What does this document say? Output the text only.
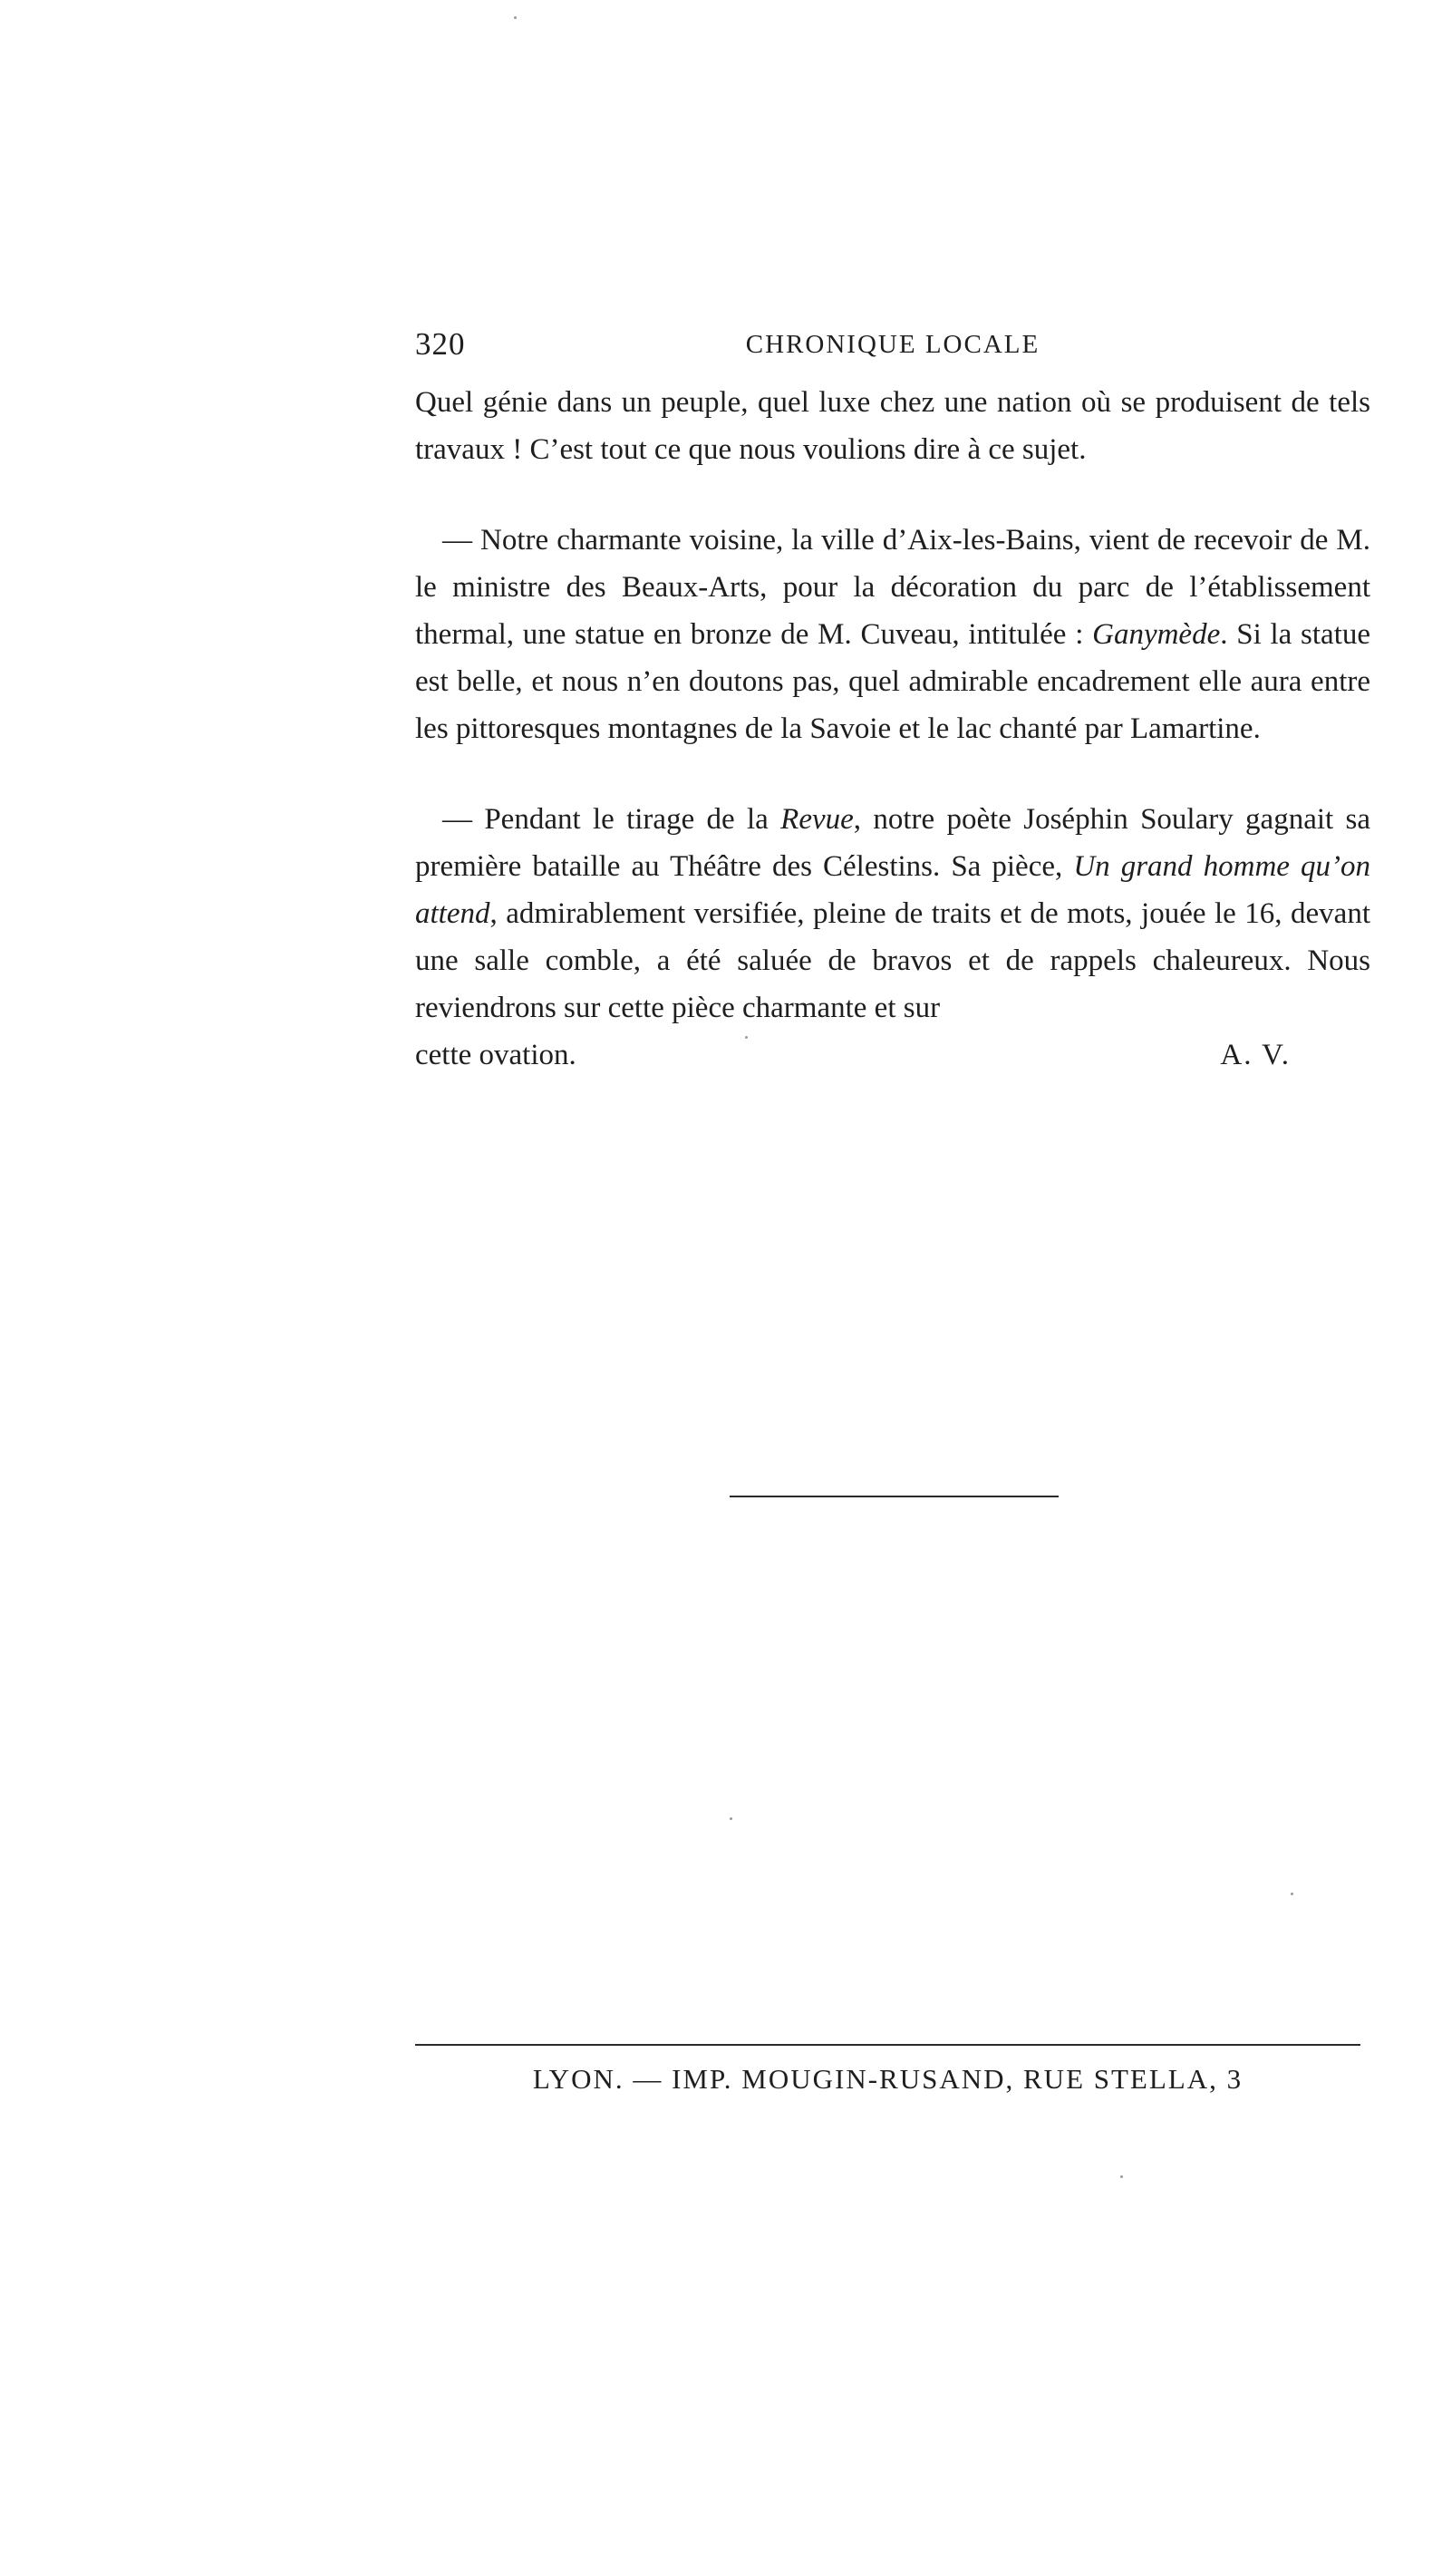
320	CHRONIQUE LOCALE

Quel génie dans un peuple, quel luxe chez une nation où se produisent de tels travaux ! C’est tout ce que nous voulions dire à ce sujet.

— Notre charmante voisine, la ville d’Aix-les-Bains, vient de recevoir de M. le ministre des Beaux-Arts, pour la décoration du parc de l’établissement thermal, une statue en bronze de M. Cuveau, intitulée : Ganymède. Si la statue est belle, et nous n’en doutons pas, quel admirable encadrement elle aura entre les pittoresques montagnes de la Savoie et le lac chanté par Lamartine.

— Pendant le tirage de la Revue, notre poète Joséphin Soulary gagnait sa première bataille au Théâtre des Célestins. Sa pièce, Un grand homme qu’on attend, admirablement versifiée, pleine de traits et de mots, jouée le 16, devant une salle comble, a été saluée de bravos et de rappels chaleureux. Nous reviendrons sur cette pièce charmante et sur

cette ovation.	A. V.
LYON. — IMP. MOUGIN-RUSAND, RUE STELLA, 3
